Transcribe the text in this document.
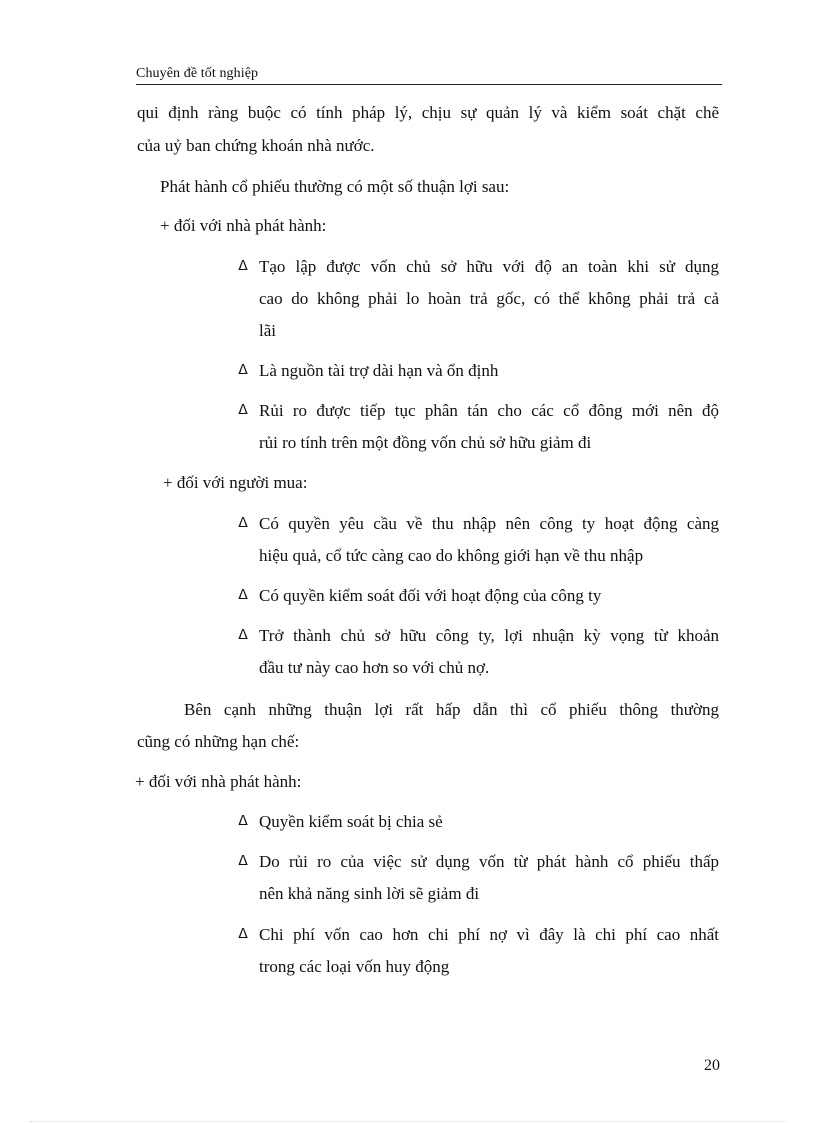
Chuyên đề tốt nghiệp
qui định ràng buộc có tính pháp lý, chịu sự quản lý và kiểm soát chặt chẽ
của uỷ ban chứng khoán nhà nước.
Phát hành cổ phiếu thường có một số thuận lợi sau:
+ đối với nhà phát hành:
ᐃ Tạo lập được vốn chủ sở hữu với độ an toàn khi sử dụng
cao do không phải lo hoàn trả gốc, có thể không phải trả cả
lãi
ᐃ Là nguồn tài trợ dài hạn và ổn định
ᐃ Rủi ro được tiếp tục phân tán cho các cổ đông mới nên độ
rủi ro tính trên một đồng vốn chủ sở hữu giảm đi
+ đối với người mua:
ᐃ Có quyền yêu cầu về thu nhập nên công ty hoạt động càng
hiệu quả, cổ tức càng cao do không giới hạn về thu nhập
ᐃ Có quyền kiểm soát đối với hoạt động của công ty
ᐃ Trở thành chủ sở hữu công ty, lợi nhuận kỳ vọng từ khoản
đầu tư này cao hơn so với chủ nợ.
Bên cạnh những thuận lợi rất hấp dẫn thì cổ phiếu thông thường
cũng có những hạn chế:
+ đối với nhà phát hành:
ᐃ Quyền kiểm soát bị chia sẻ
ᐃ Do rủi ro của việc sử dụng vốn từ phát hành cổ phiếu thấp
nên khả năng sinh lời sẽ giảm đi
ᐃ Chi phí vốn cao hơn chi phí nợ vì đây là chi phí cao nhất
trong các loại vốn huy động
20
